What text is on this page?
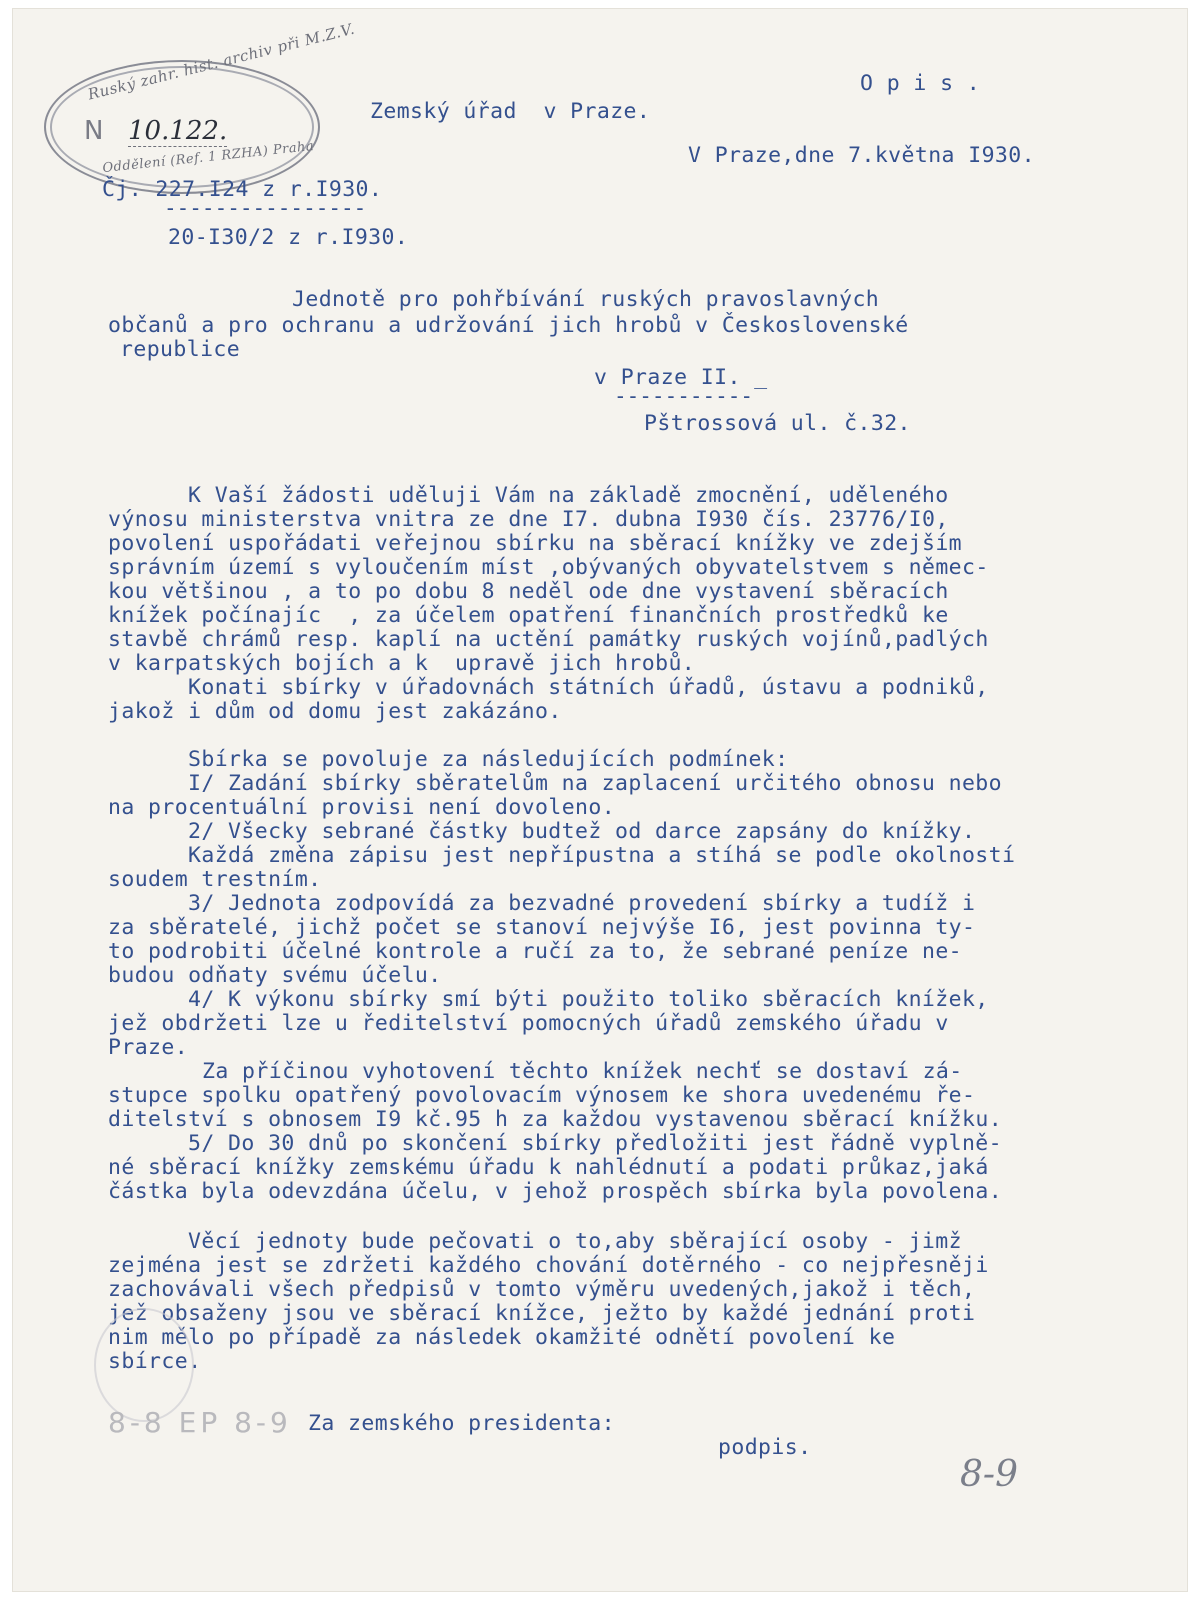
Ruský zahr. hist. archiv při M.Z.V.
N 10.122.
Oddělení (Ref. 1 RZHA) Praha

O p i s .

Zemský úřad  v Praze.

V Praze,dne 7.května I930.

Čj. 227.I24 z r.I930.

----------------

20-I30/2 z r.I930.

Jednotě pro pohřbívání ruských pravoslavných

občanů a pro ochranu a udržování jich hrobů v Československé

republice

v Praze II. _

-----------

Pštrossová ul. č.32.

K Vaší žádosti uděluji Vám na základě zmocnění, uděleného

výnosu ministerstva vnitra ze dne I7. dubna I930 čís. 23776/I0,

povolení uspořádati veřejnou sbírku na sběrací knížky ve zdejším

správním území s vyloučením míst ,obývaných obyvatelstvem s němec-

kou většinou , a to po dobu 8 neděl ode dne vystavení sběracích

knížek počínajíc  , za účelem opatření finančních prostředků ke

stavbě chrámů resp. kaplí na uctění památky ruských vojínů,padlých

v karpatských bojích a k  upravě jich hrobů.

Konati sbírky v úřadovnách státních úřadů, ústavu a podniků,

jakož i dům od domu jest zakázáno.

Sbírka se povoluje za následujících podmínek:

I/ Zadání sbírky sběratelům na zaplacení určitého obnosu nebo

na procentuální provisi není dovoleno.

2/ Všecky sebrané částky budtež od darce zapsány do knížky.

Každá změna zápisu jest nepřípustna a stíhá se podle okolností

soudem trestním.

3/ Jednota zodpovídá za bezvadné provedení sbírky a tudíž i

za sběratelé, jichž počet se stanoví nejvýše I6, jest povinna ty-

to podrobiti účelné kontrole a ručí za to, že sebrané peníze ne-

budou odňaty svému účelu.

4/ K výkonu sbírky smí býti použito toliko sběracích knížek,

jež obdržeti lze u ředitelství pomocných úřadů zemského úřadu v

Praze.

Za příčinou vyhotovení těchto knížek nechť se dostaví zá-

stupce spolku opatřený povolovacím výnosem ke shora uvedenému ře-

ditelství s obnosem I9 kč.95 h za každou vystavenou sběrací knížku.

5/ Do 30 dnů po skončení sbírky předložiti jest řádně vyplně-

né sběrací knížky zemskému úřadu k nahlédnutí a podati průkaz,jaká

částka byla odevzdána účelu, v jehož prospěch sbírka byla povolena.

Věcí jednoty bude pečovati o to,aby sběrající osoby - jimž

zejména jest se zdržeti každého chování dotěrného - co nejpřesněji

zachovávali všech předpisů v tomto výměru uvedených,jakož i těch,

jež obsaženy jsou ve sběrací knížce, ježto by každé jednání proti

nim mělo po případě za následek okamžité odnětí povolení ke

sbírce.

8-8 EP 8-9 Za zemského presidenta:

podpis.

8-9
